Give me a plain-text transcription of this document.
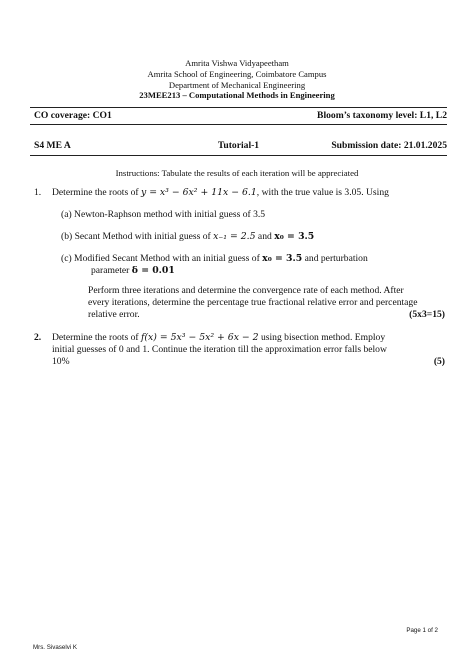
Amrita Vishwa Vidyapeetham
Amrita School of Engineering, Coimbatore Campus
Department of Mechanical Engineering
23MEE213 – Computational Methods in Engineering
CO coverage: CO1	Bloom’s taxonomy level: L1, L2
S4 ME A	Tutorial-1	Submission date: 21.01.2025
Instructions: Tabulate the results of each iteration will be appreciated
1. Determine the roots of y = x³ − 6x² + 11x − 6.1, with the true value is 3.05. Using
(a) Newton-Raphson method with initial guess of 3.5
(b) Secant Method with initial guess of x₋₁ = 2.5 and x₀ = 3.5
(c) Modified Secant Method with an initial guess of x₀ = 3.5 and perturbation
parameter δ = 0.01
Perform three iterations and determine the convergence rate of each method. After
every iterations, determine the percentage true fractional relative error and percentage
relative error.	(5x3=15)
2. Determine the roots of f(x) = 5x³ − 5x² + 6x − 2 using bisection method. Employ
initial guesses of 0 and 1. Continue the iteration till the approximation error falls below
10%	(5)
Page 1 of 2
Mrs. Sivaselvi K
